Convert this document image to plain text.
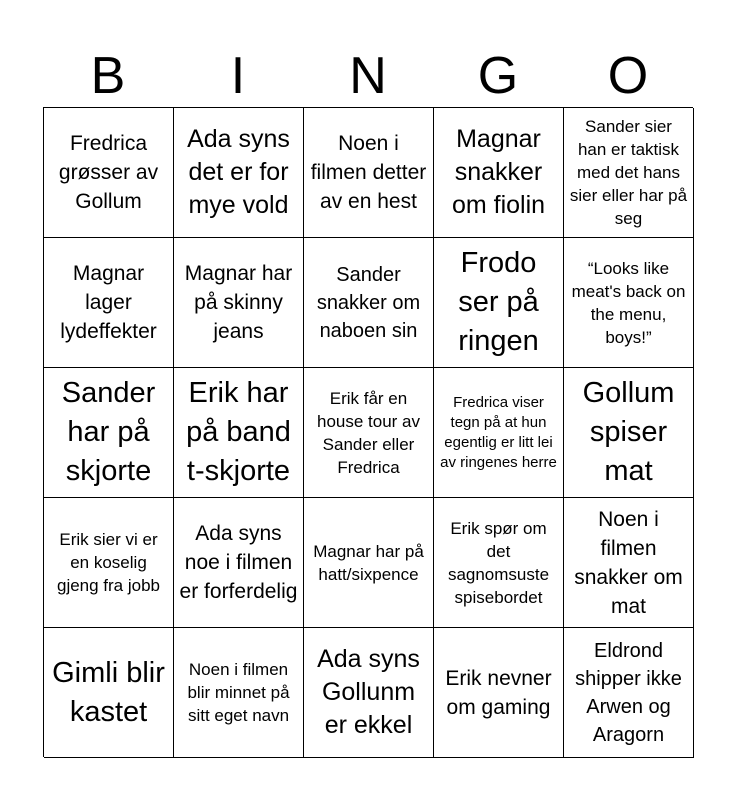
B	I	N	G	O
Fredrica grøsser av Gollum
Ada syns det er for mye vold
Noen i filmen detter av en hest
Magnar snakker om fiolin
Sander sier han er taktisk med det hans sier eller har på seg
Magnar lager lydeffekter
Magnar har på skinny jeans
Sander snakker om naboen sin
Frodo ser på ringen
“Looks like meat's back on the menu, boys!”
Sander har på skjorte
Erik har på band t-skjorte
Erik får en house tour av Sander eller Fredrica
Fredrica viser tegn på at hun egentlig er litt lei av ringenes herre
Gollum spiser mat
Erik sier vi er en koselig gjeng fra jobb
Ada syns noe i filmen er forferdelig
Magnar har på hatt/sixpence
Erik spør om det sagnomsuste spisebordet
Noen i filmen snakker om mat
Gimli blir kastet
Noen i filmen blir minnet på sitt eget navn
Ada syns Gollunm er ekkel
Erik nevner om gaming
Eldrond shipper ikke Arwen og Aragorn
